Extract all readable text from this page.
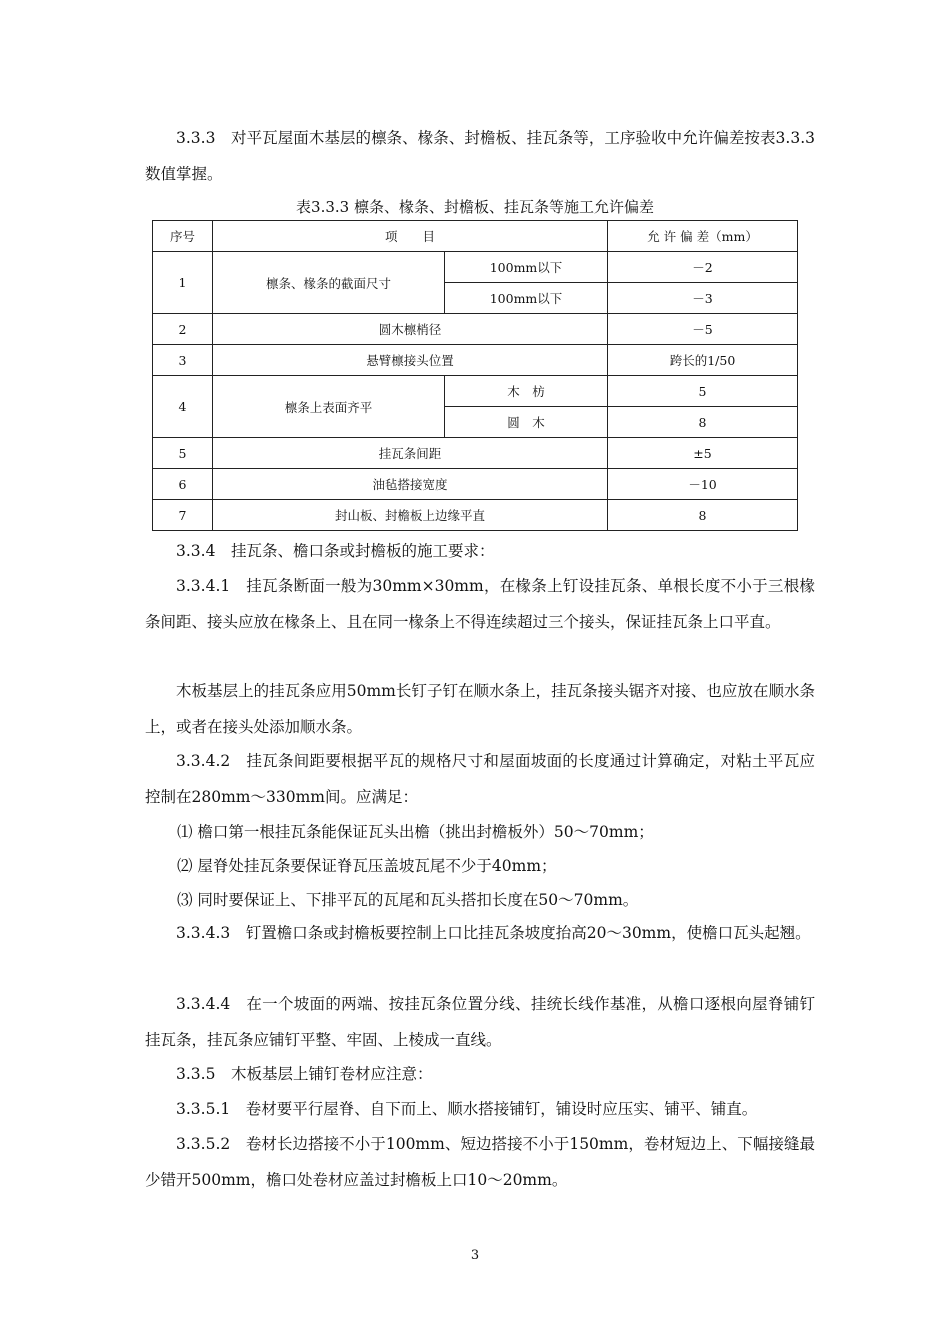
3.3.3　对平瓦屋面木基层的檩条、椽条、封檐板、挂瓦条等，工序验收中允许偏差按表3.3.3数值掌握。

表3.3.3 檩条、椽条、封檐板、挂瓦条等施工允许偏差
序号	项　　目		允 许 偏 差（mm）
1	檩条、椽条的截面尺寸	100mm以下	－2
		100mm以下	－3
2	圆木檩梢径		－5
3	悬臂檩接头位置		跨长的1/50
4	檩条上表面齐平	木　枋	5
		圆　木	8
5	挂瓦条间距		±5
6	油毡搭接宽度		－10
7	封山板、封檐板上边缘平直		8

3.3.4　挂瓦条、檐口条或封檐板的施工要求：

3.3.4.1　挂瓦条断面一般为30mm×30mm，在椽条上钉设挂瓦条、单根长度不小于三根椽条间距、接头应放在椽条上、且在同一椽条上不得连续超过三个接头，保证挂瓦条上口平直。

木板基层上的挂瓦条应用50mm长钉子钉在顺水条上，挂瓦条接头锯齐对接、也应放在顺水条上，或者在接头处添加顺水条。

3.3.4.2　挂瓦条间距要根据平瓦的规格尺寸和屋面坡面的长度通过计算确定，对粘土平瓦应控制在280mm～330mm间。应满足：

⑴ 檐口第一根挂瓦条能保证瓦头出檐（挑出封檐板外）50～70mm；

⑵ 屋脊处挂瓦条要保证脊瓦压盖坡瓦尾不少于40mm；

⑶ 同时要保证上、下排平瓦的瓦尾和瓦头搭扣长度在50～70mm。

3.3.4.3　钉置檐口条或封檐板要控制上口比挂瓦条坡度抬高20～30mm，使檐口瓦头起翘。

3.3.4.4　在一个坡面的两端、按挂瓦条位置分线、挂统长线作基准，从檐口逐根向屋脊铺钉挂瓦条，挂瓦条应铺钉平整、牢固、上棱成一直线。

3.3.5　木板基层上铺钉卷材应注意：

3.3.5.1　卷材要平行屋脊、自下而上、顺水搭接铺钉，铺设时应压实、铺平、铺直。

3.3.5.2　卷材长边搭接不小于100mm、短边搭接不小于150mm，卷材短边上、下幅接缝最少错开500mm，檐口处卷材应盖过封檐板上口10～20mm。

3
